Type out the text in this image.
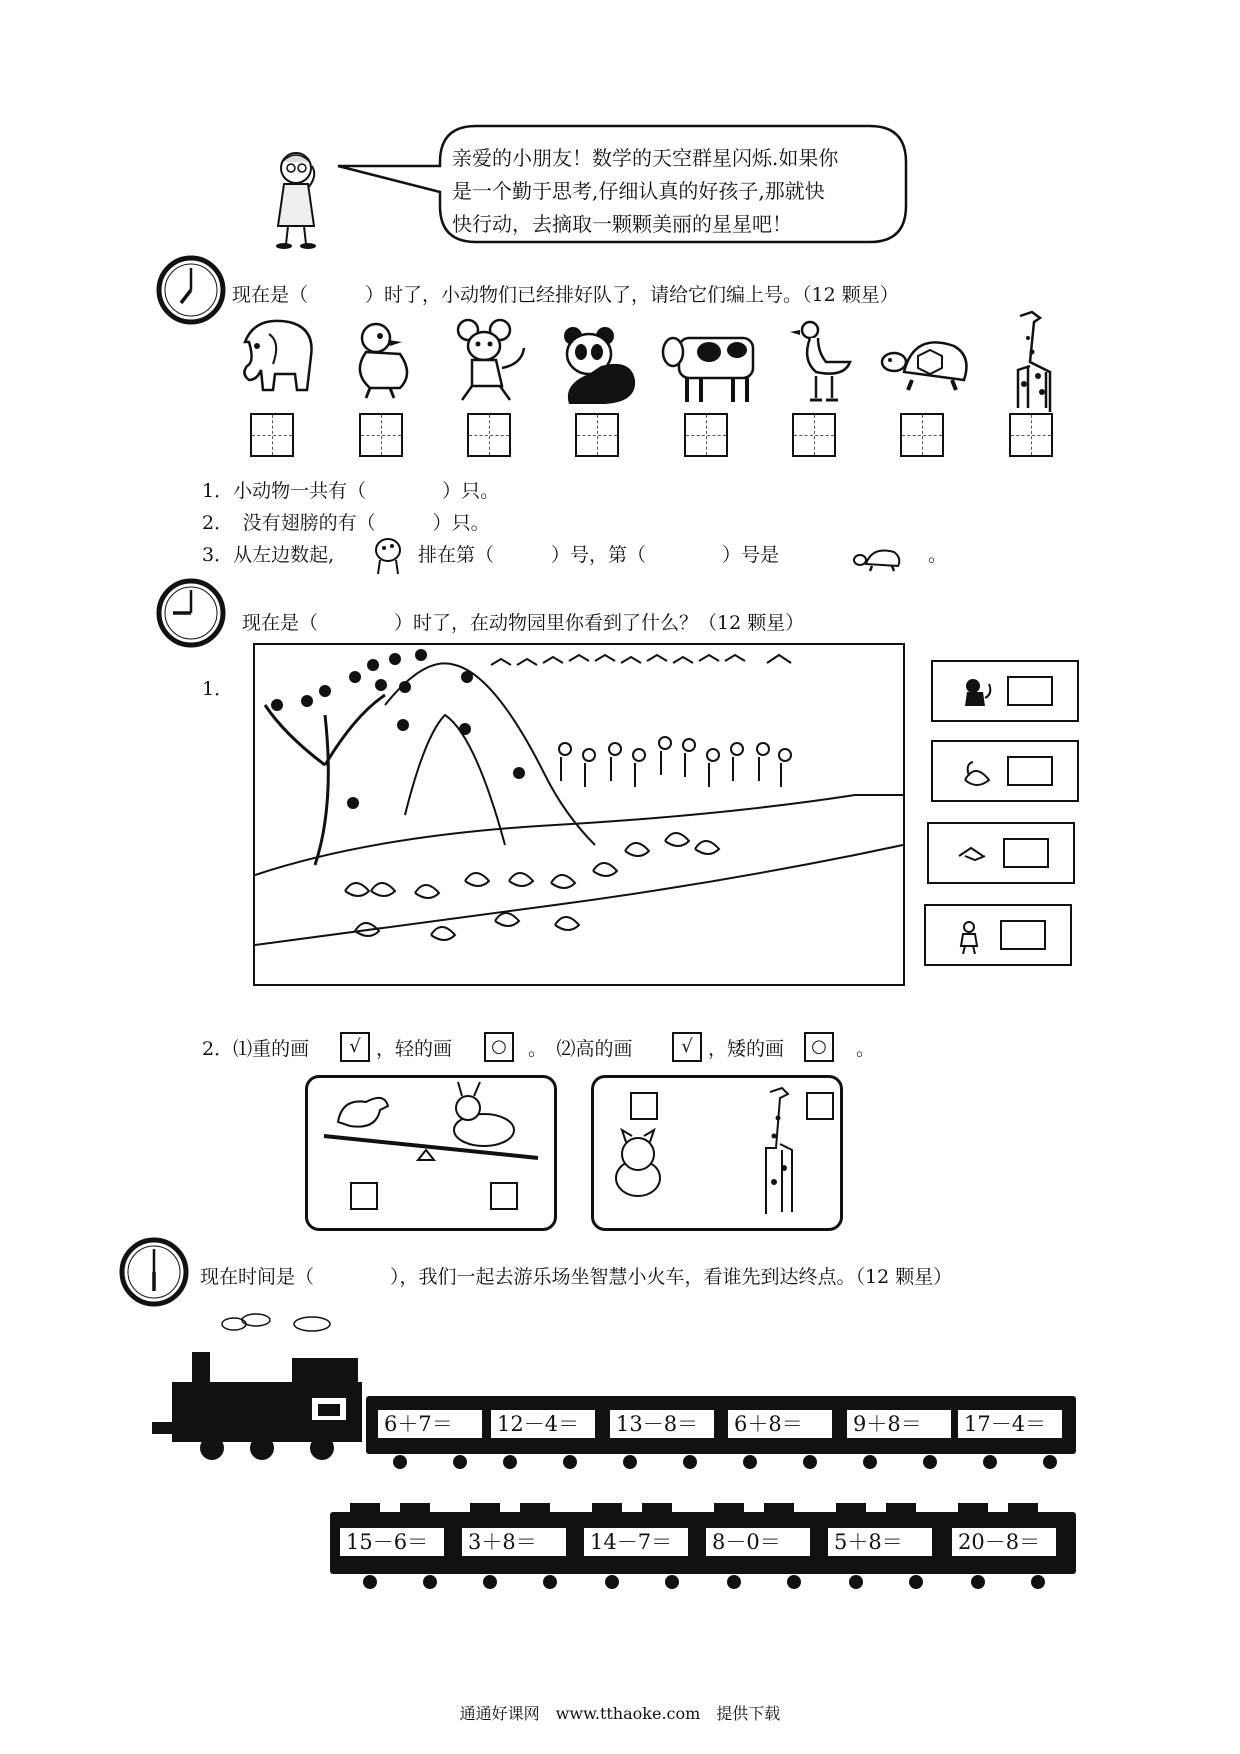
亲爱的小朋友！数学的天空群星闪烁.如果你
是一个勤于思考,仔细认真的好孩子,那就快
快行动，去摘取一颗颗美丽的星星吧！
现在是（　　　）时了，小动物们已经排好队了，请给它们编上号。（12 颗星）
1．小动物一共有（　　　　）只。
2．　没有翅膀的有（　　　）只。
3．从左边数起,	排在第（　　　）号，第（　　　　）号是	。
现在是（　　　　）时了，在动物园里你看到了什么？（12 颗星）
1．
2．⑴重的画	√ ，轻的画	○	。　⑵高的画	√ ，矮的画	○	。
现在时间是（　　　　），我们一起去游乐场坐智慧小火车，看谁先到达终点。（12 颗星）
6＋7＝	12－4＝	13－8＝	6＋8＝	9＋8＝	17－4＝
15－6＝	3＋8＝	14－7＝	8－0＝	5＋8＝	20－8＝
通通好课网　www.tthaoke.com　提供下载
